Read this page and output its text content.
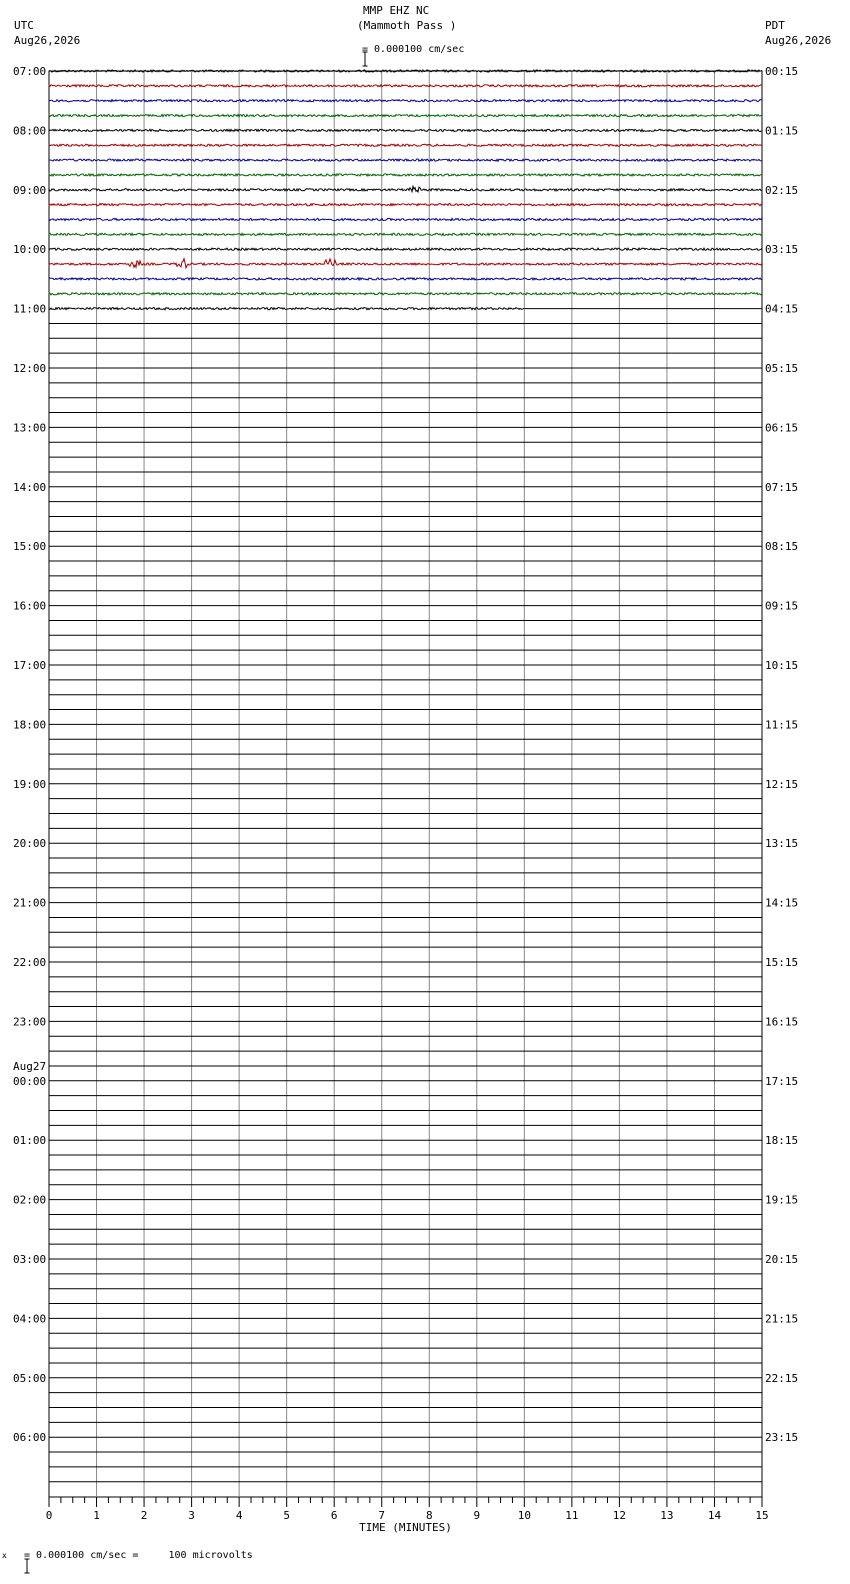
MMP EHZ NC
(Mammoth Pass )

= 0.000100 cm/sec
UTC
Aug26,2026
PDT
Aug26,2026
07:00	00:15
08:00	01:15
09:00	02:15
10:00	03:15
11:00	04:15
12:00	05:15
13:00	06:15
14:00	07:15
15:00	08:15
16:00	09:15
17:00	10:15
18:00	11:15
19:00	12:15
20:00	13:15
21:00	14:15
22:00	15:15
23:00	16:15
00:00	17:15
01:00	18:15
02:00	19:15
03:00	20:15
04:00	21:15
05:00	22:15
06:00	23:15
Aug27
0	1	2	3	4	5	6	7	8	9	10	11	12	13	14	15
TIME (MINUTES)
x

= 0.000100 cm/sec =     100 microvolts
